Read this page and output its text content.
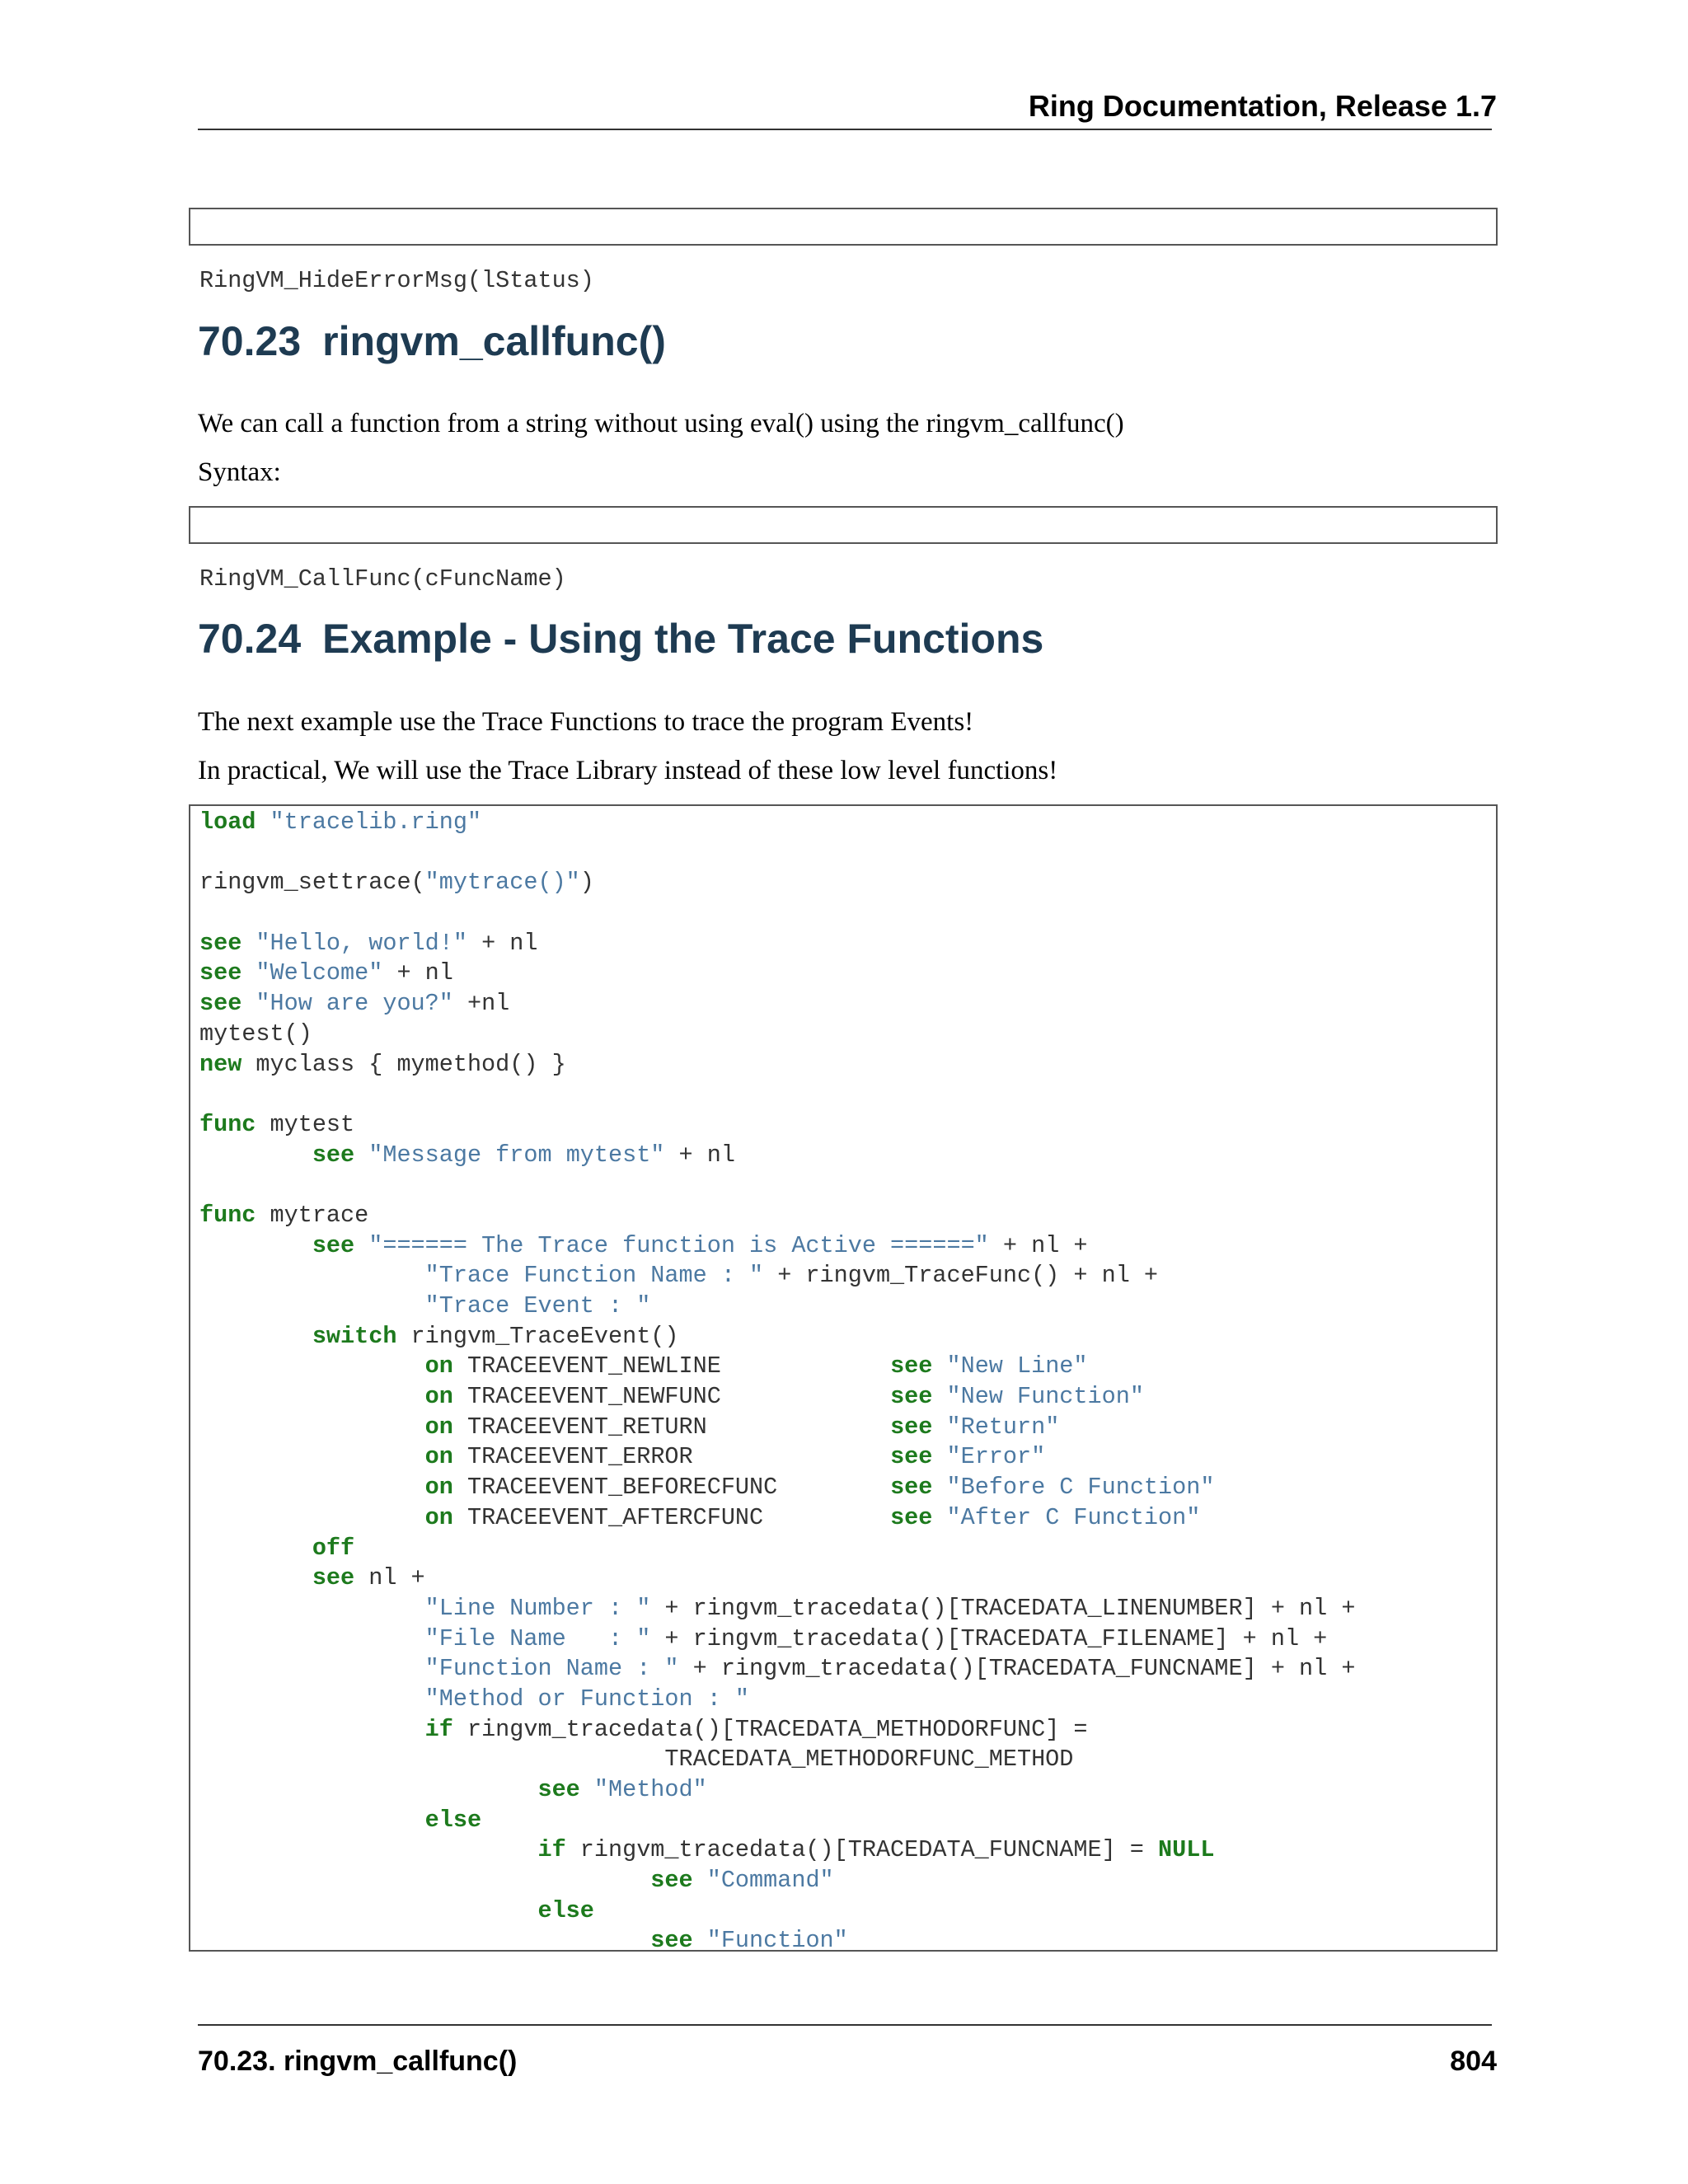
Ring Documentation, Release 1.7

RingVM_HideErrorMsg(lStatus)

70.23 ringvm_callfunc()

We can call a function from a string without using eval() using the ringvm_callfunc()

Syntax:

RingVM_CallFunc(cFuncName)

70.24 Example - Using the Trace Functions

The next example use the Trace Functions to trace the program Events!

In practical, We will use the Trace Library instead of these low level functions!

load "tracelib.ring"
ringvm_settrace("mytrace()")
see "Hello, world!" + nl
see "Welcome" + nl
see "How are you?" +nl
mytest()
new myclass { mymethod() }
func mytest
see "Message from mytest" + nl
func mytrace
see "====== The Trace function is Active ======" + nl +
"Trace Function Name : " + ringvm_TraceFunc() + nl +
"Trace Event : "
switch ringvm_TraceEvent()
on TRACEEVENT_NEWLINE            see "New Line"
on TRACEEVENT_NEWFUNC            see "New Function"
on TRACEEVENT_RETURN             see "Return"
on TRACEEVENT_ERROR              see "Error"
on TRACEEVENT_BEFORECFUNC        see "Before C Function"
on TRACEEVENT_AFTERCFUNC         see "After C Function"
off
see nl +
"Line Number : " + ringvm_tracedata()[TRACEDATA_LINENUMBER] + nl +
"File Name   : " + ringvm_tracedata()[TRACEDATA_FILENAME] + nl +
"Function Name : " + ringvm_tracedata()[TRACEDATA_FUNCNAME] + nl +
"Method or Function : "
if ringvm_tracedata()[TRACEDATA_METHODORFUNC] =
TRACEDATA_METHODORFUNC_METHOD
see "Method"
else
if ringvm_tracedata()[TRACEDATA_FUNCNAME] = NULL
see "Command"
else
see "Function"
70.23. ringvm_callfunc()	804
